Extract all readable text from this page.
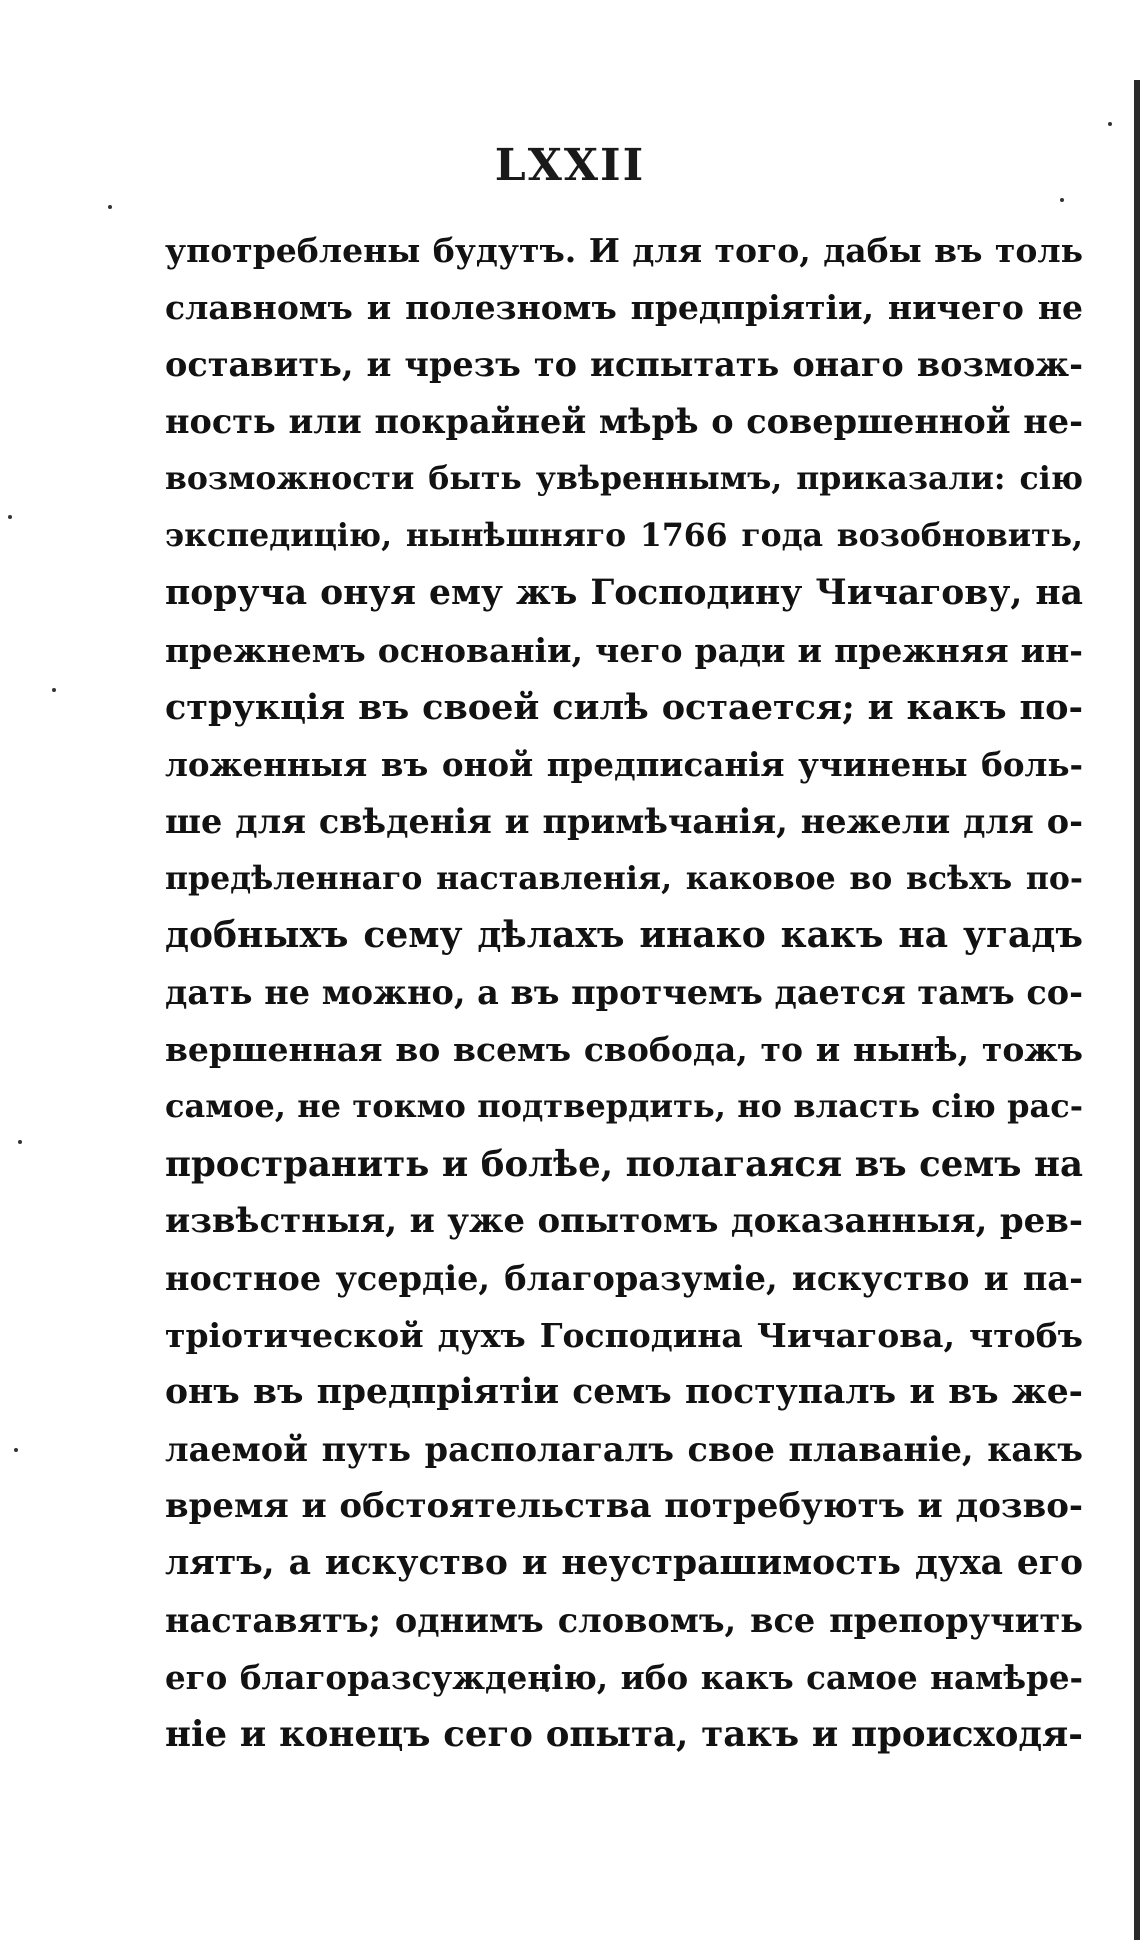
LXXII
употреблены будутъ. И для того, дабы въ толь
славномъ и полезномъ предпріятіи, ничего не
оставить, и чрезъ то испытать онаго возмож-
ность или покрайней мѣрѣ о совершенной не-
возможности быть увѣреннымъ, приказали: сію
экспедицію, нынѣшняго 1766 года возобновить,
поруча онуя ему жъ Господину Чичагову, на
прежнемъ основаніи, чего ради и прежняя ин-
струкція въ своей силѣ остается; и какъ по-
ложенныя въ оной предписанія учинены боль-
ше для свѣденія и примѣчанія, нежели для о-
предѣленнаго наставленія, каковое во всѣхъ по-
добныхъ сему дѣлахъ инако какъ на угадъ
дать не можно, а въ протчемъ дается тамъ со-
вершенная во всемъ свобода, то и нынѣ, тожъ
самое, не токмо подтвердить, но власть сію рас-
пространить и болѣе, полагаяся въ семъ на
извѣстныя, и уже опытомъ доказанныя, рев-
ностное усердіе, благоразуміе, искуство и па-
тріотической духъ Господина Чичагова, чтобъ
онъ въ предпріятіи семъ поступалъ и въ же-
лаемой путь располагалъ свое плаваніе, какъ
время и обстоятельства потребуютъ и дозво-
лятъ, а искуство и неустрашимость духа его
наставятъ; однимъ словомъ, все препоручить
его благоразсужденію, ибо какъ самое намѣре-
ніе и конецъ сего опыта, такъ и происходя-
